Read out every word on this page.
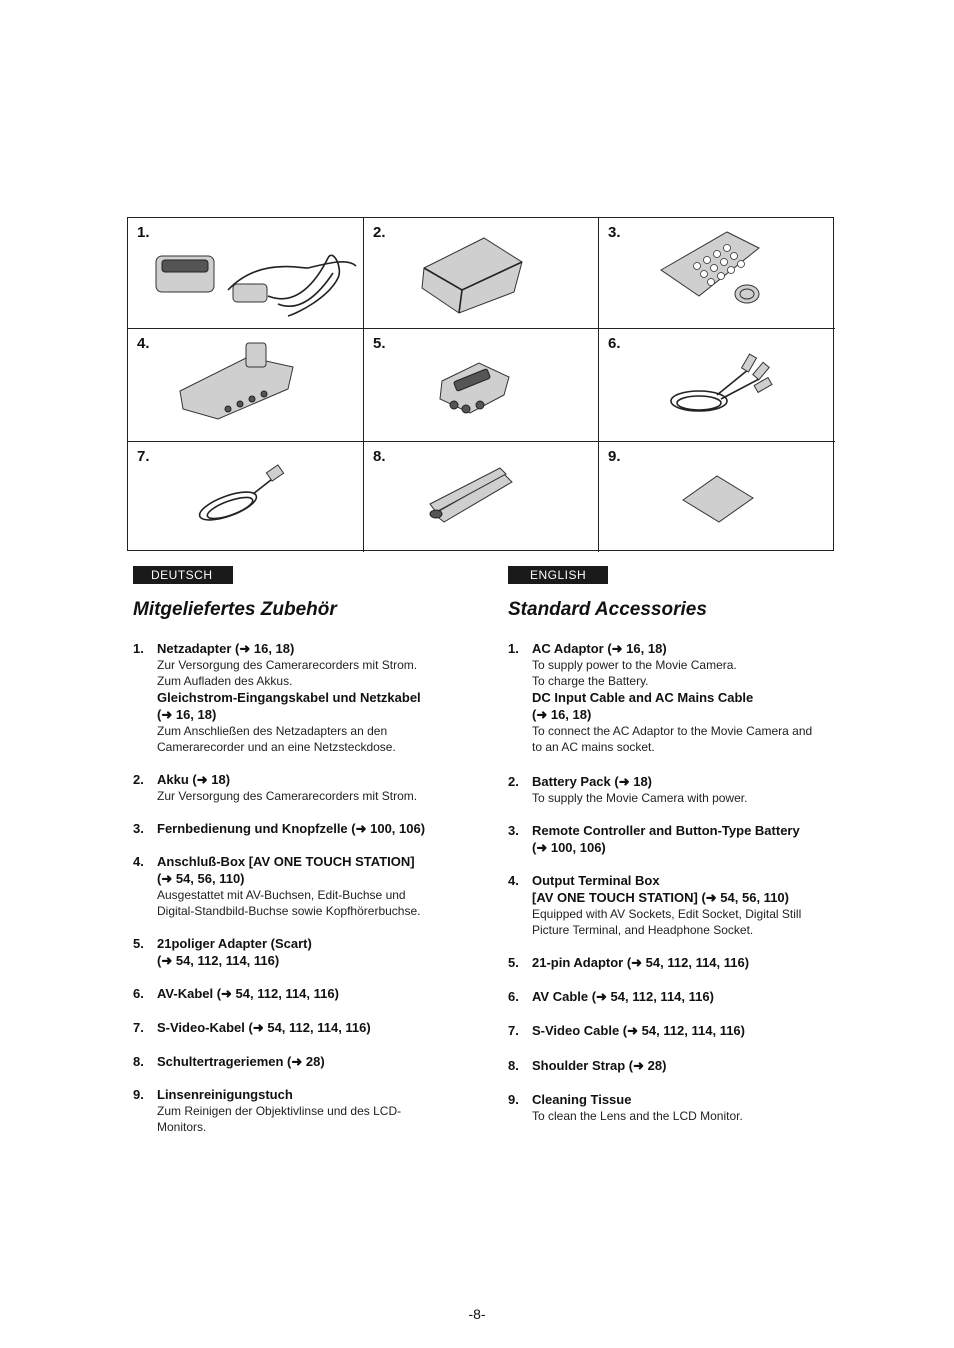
1.	2.	3.
4.	5.	6.
7.	8.	9.
DEUTSCH
Mitgeliefertes Zubehör
1. Netzadapter (➜ 16, 18)
Zur Versorgung des Camerarecorders mit Strom.
Zum Aufladen des Akkus.
Gleichstrom-Eingangskabel und Netzkabel
(➜ 16, 18)
Zum Anschließen des Netzadapters an den
Camerarecorder und an eine Netzsteckdose.
2. Akku (➜ 18)
Zur Versorgung des Camerarecorders mit Strom.
3. Fernbedienung und Knopfzelle (➜ 100, 106)
4. Anschluß-Box [AV ONE TOUCH STATION]
(➜ 54, 56, 110)
Ausgestattet mit AV-Buchsen, Edit-Buchse und
Digital-Standbild-Buchse sowie Kopfhörerbuchse.
5. 21poliger Adapter (Scart)
(➜ 54, 112, 114, 116)
6. AV-Kabel (➜ 54, 112, 114, 116)
7. S-Video-Kabel (➜ 54, 112, 114, 116)
8. Schultertrageriemen (➜ 28)
9. Linsenreinigungstuch
Zum Reinigen der Objektivlinse und des LCD-
Monitors.
ENGLISH
Standard Accessories
1. AC Adaptor (➜ 16, 18)
To supply power to the Movie Camera.
To charge the Battery.
DC Input Cable and AC Mains Cable
(➜ 16, 18)
To connect the AC Adaptor to the Movie Camera and
to an AC mains socket.
2. Battery Pack (➜ 18)
To supply the Movie Camera with power.
3. Remote Controller and Button-Type Battery
(➜ 100, 106)
4. Output Terminal Box
[AV ONE TOUCH STATION] (➜ 54, 56, 110)
Equipped with AV Sockets, Edit Socket, Digital Still
Picture Terminal, and Headphone Socket.
5. 21-pin Adaptor (➜ 54, 112, 114, 116)
6. AV Cable (➜ 54, 112, 114, 116)
7. S-Video Cable (➜ 54, 112, 114, 116)
8. Shoulder Strap (➜ 28)
9. Cleaning Tissue
To clean the Lens and the LCD Monitor.
-8-
